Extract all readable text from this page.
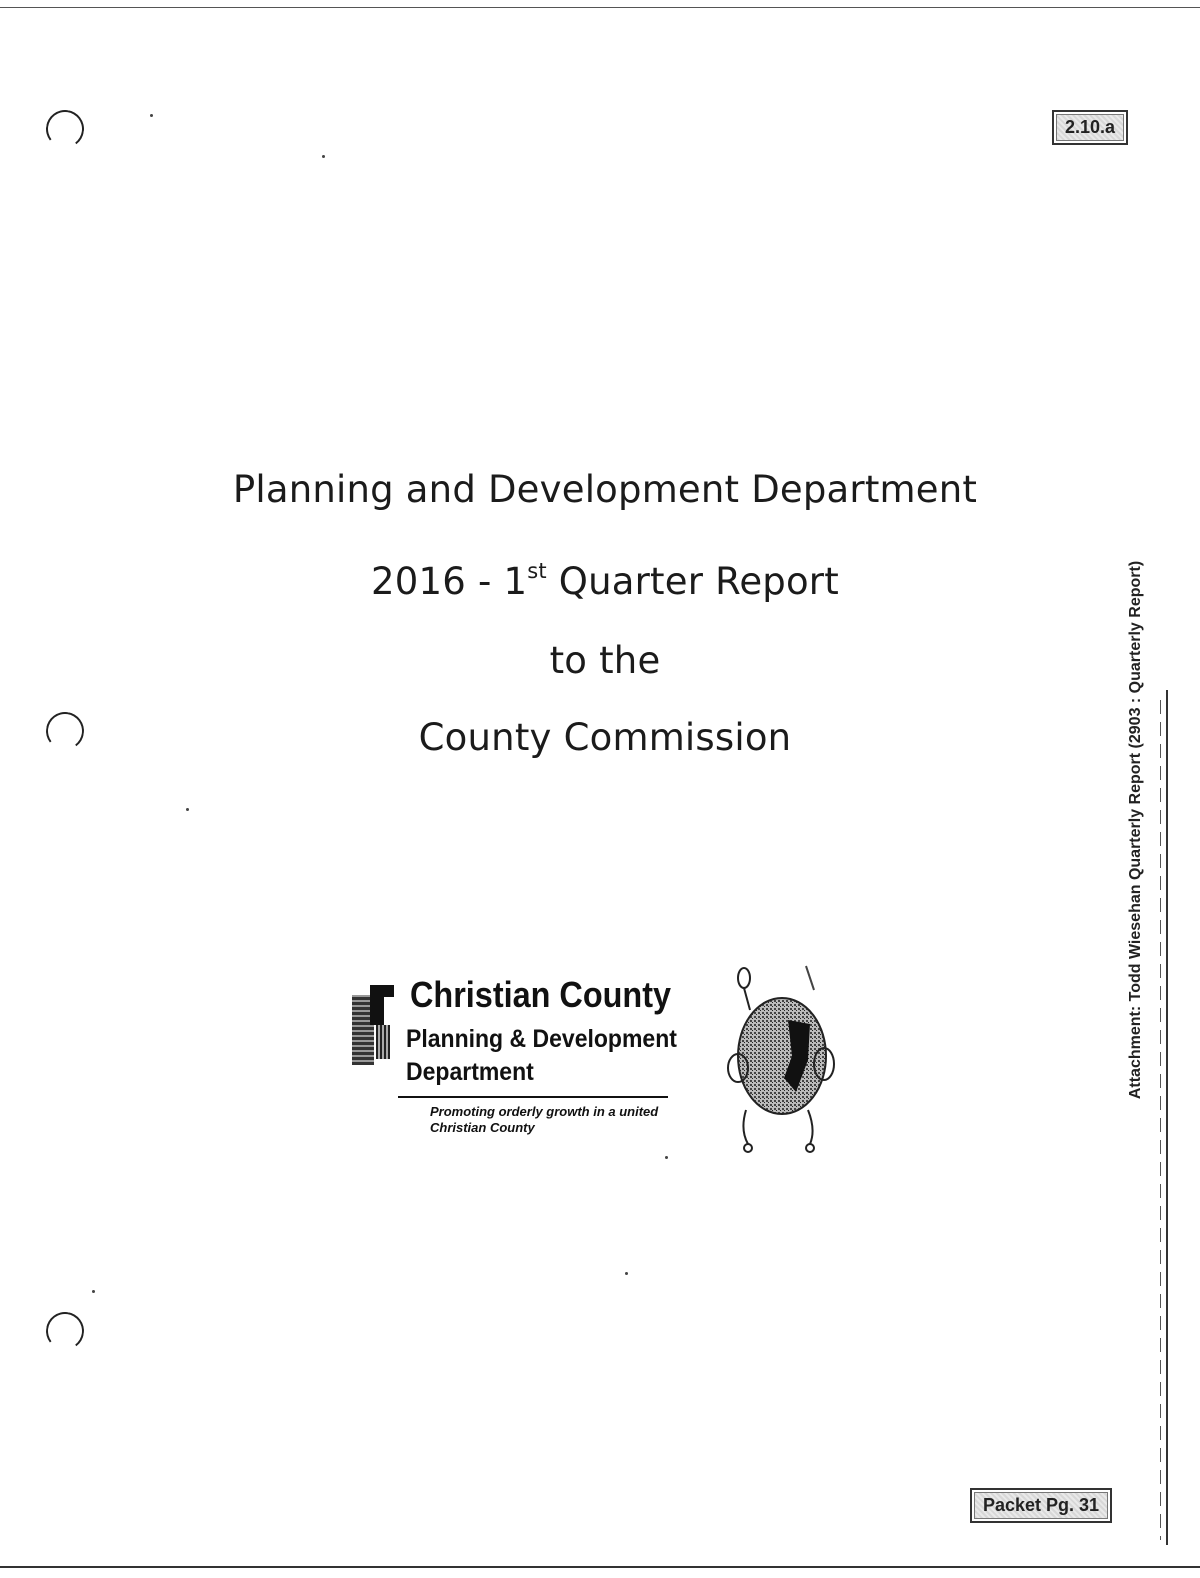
2.10.a
Planning and Development Department
2016 - 1st Quarter Report
to the
County Commission
Christian County
Planning & Development
Department
Promoting orderly growth in a united Christian County
Attachment: Todd Wiesehan Quarterly Report (2903 : Quarterly Report)
Packet Pg. 31
